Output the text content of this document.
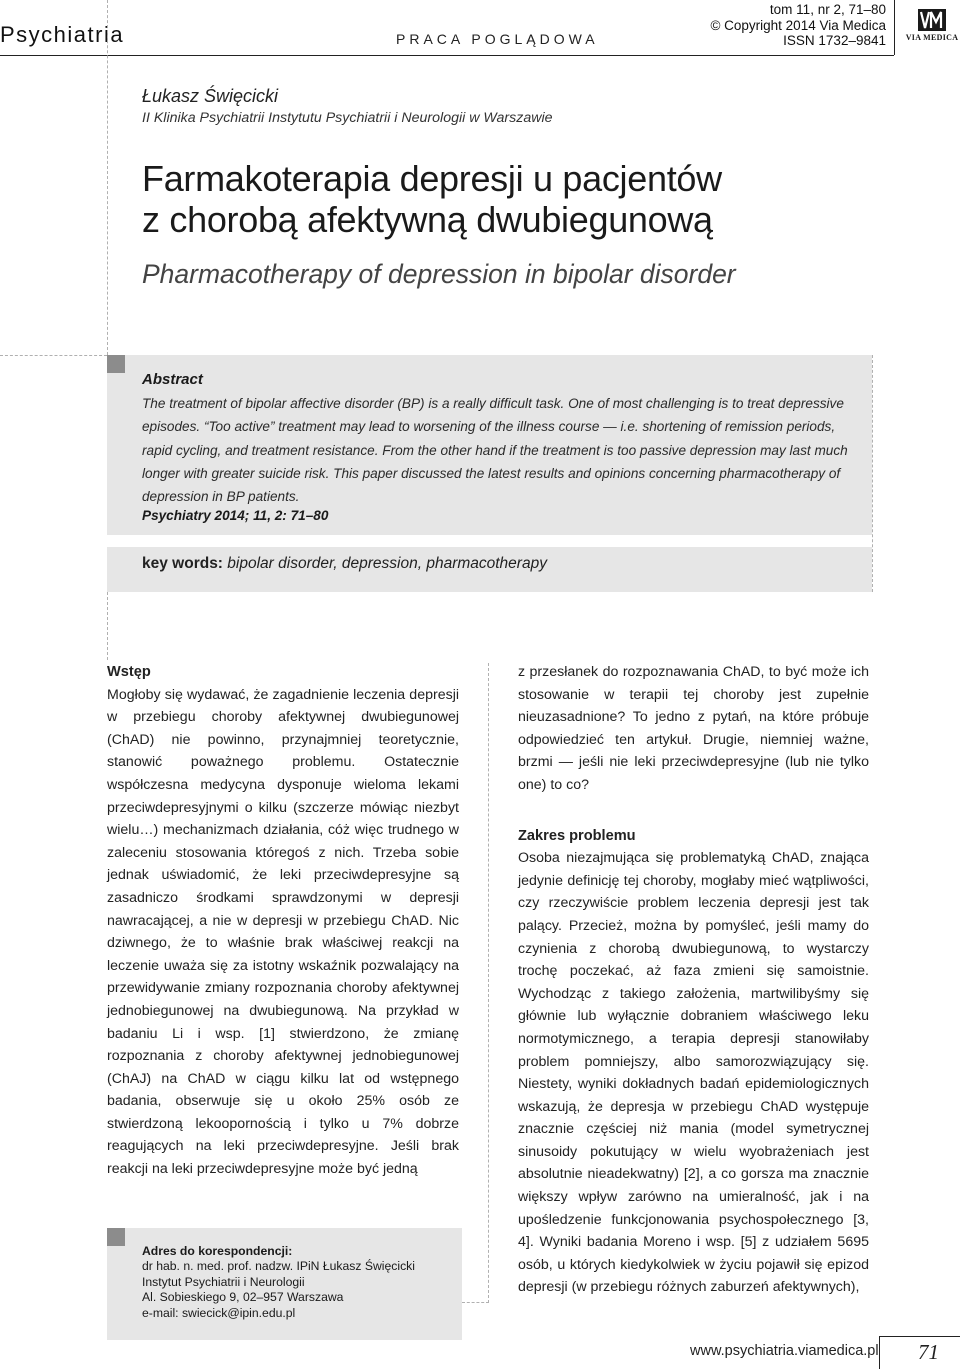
Psychiatria	PRACA POGLĄDOWA
tom 11, nr 2, 71–80
© Copyright 2014 Via Medica
ISSN 1732–9841 VIA MEDICA
Łukasz Święcicki
II Klinika Psychiatrii Instytutu Psychiatrii i Neurologii w Warszawie
Farmakoterapia depresji u pacjentów
z chorobą afektywną dwubiegunową
Pharmacotherapy of depression in bipolar disorder
Abstract
The treatment of bipolar affective disorder (BP) is a really difficult task. One of most challenging is to treat depressive episodes. “Too active” treatment may lead to worsening of the illness course — i.e. shortening of remission periods, rapid cycling, and treatment resistance. From the other hand if the treatment is too passive depression may last much longer with greater suicide risk. This paper discussed the latest results and opinions concerning pharmacotherapy of depression in BP patients.
Psychiatry 2014; 11, 2: 71–80
key words: bipolar disorder, depression, pharmacotherapy
Wstęp

Mogłoby się wydawać, że zagadnienie leczenia depresji w przebiegu choroby afektywnej dwubiegunowej (ChAD) nie powinno, przynajmniej teoretycznie, stanowić poważnego problemu. Ostatecznie współczesna medycyna dysponuje wieloma lekami przeciwdepresyjnymi o kilku (szczerze mówiąc niezbyt wielu…) mechanizmach działania, cóż więc trudnego w zaleceniu stosowania któregoś z nich. Trzeba sobie jednak uświadomić, że leki przeciwdepresyjne są zasadniczo środkami sprawdzonymi w depresji nawracającej, a nie w depresji w przebiegu ChAD. Nic dziwnego, że to właśnie brak właściwej reakcji na leczenie uważa się za istotny wskaźnik pozwalający na przewidywanie zmiany rozpoznania choroby afektywnej jednobiegunowej na dwubiegunową. Na przykład w badaniu Li i wsp. [1] stwierdzono, że zmianę rozpoznania z choroby afektywnej jednobiegunowej (ChAJ) na ChAD w ciągu kilku lat od wstępnego badania, obserwuje się u około 25% osób ze stwierdzoną lekoopornością i tylko u 7% dobrze reagujących na leki przeciwdepresyjne. Jeśli brak reakcji na leki przeciwdepresyjne może być jedną

z przesłanek do rozpoznawania ChAD, to być może ich stosowanie w terapii tej choroby jest zupełnie nieuzasadnione? To jedno z pytań, na które próbuje odpowiedzieć ten artykuł. Drugie, niemniej ważne, brzmi — jeśli nie leki przeciwdepresyjne (lub nie tylko one) to co?

Zakres problemu

Osoba niezajmująca się problematyką ChAD, znająca jedynie definicję tej choroby, mogłaby mieć wątpliwości, czy rzeczywiście problem leczenia depresji jest tak palący. Przecież, można by pomyśleć, jeśli mamy do czynienia z chorobą dwubiegunową, to wystarczy trochę poczekać, aż faza zmieni się samoistnie. Wychodząc z takiego założenia, martwilibyśmy się głównie lub wyłącznie dobraniem właściwego leku normotymicznego, a terapia depresji stanowiłaby problem pomniejszy, albo samorozwiązujący się. Niestety, wyniki dokładnych badań epidemiologicznych wskazują, że depresja w przebiegu ChAD występuje znacznie częściej niż mania (model symetrycznej sinusoidy pokutujący w wielu wyobrażeniach jest absolutnie nieadekwatny) [2], a co gorsza ma znacznie większy wpływ zarówno na umieralność, jak i na upośledzenie funkcjonowania psychospołecznego [3, 4]. Wyniki badania Moreno i wsp. [5] z udziałem 5695 osób, u których kiedykolwiek w życiu pojawił się epizod depresji (w przebiegu różnych zaburzeń afektywnych),

Adres do korespondencji:
dr hab. n. med. prof. nadzw. IPiN Łukasz Święcicki
Instytut Psychiatrii i Neurologii
Al. Sobieskiego 9, 02–957 Warszawa
e-mail: swiecick@ipin.edu.pl
www.psychiatria.viamedica.pl 71
